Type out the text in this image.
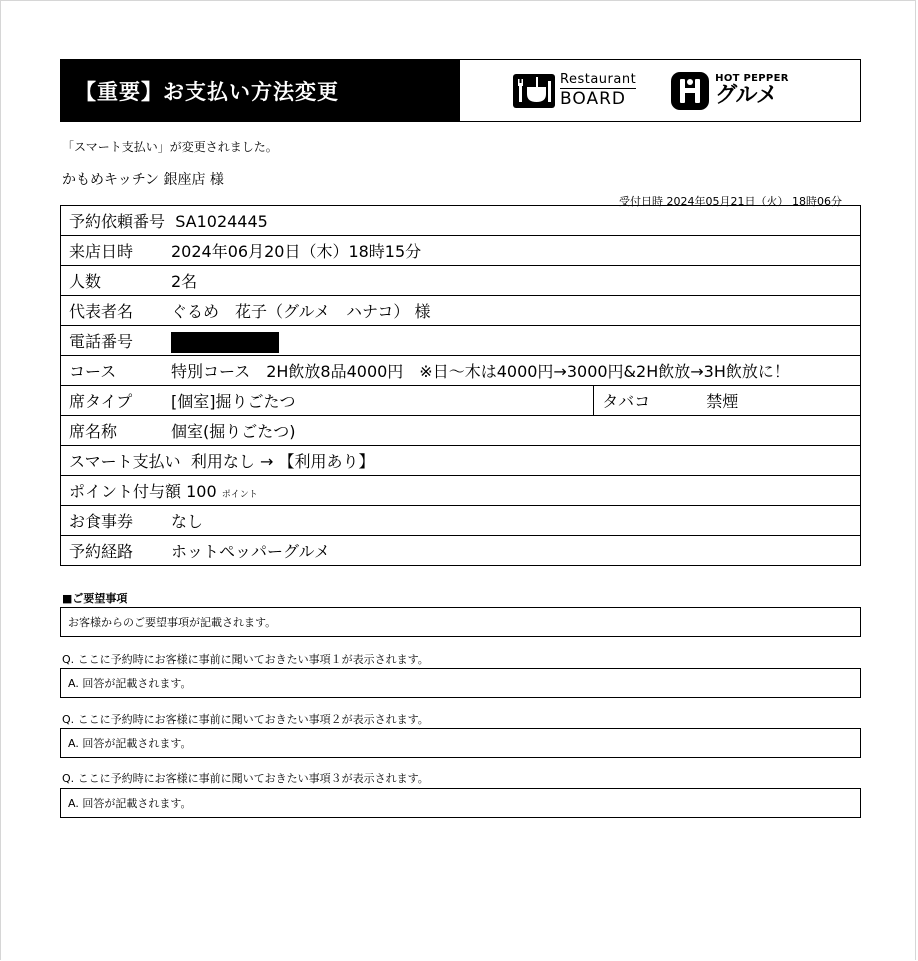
【重要】お支払い方法変更	Restaurant
BOARD
HOT PEPPER
グルメ
「スマート支払い」が変更されました。
かもめキッチン 銀座店 様
受付日時 2024年05月21日（火） 18時06分
予約依頼番号 SA1024445
来店日時 2024年06月20日（木）18時15分
人数	2名
代表者名 ぐるめ　花子（グルメ　ハナコ） 様
電話番号
コース	特別コース　2H飲放8品4000円　※日～木は4000円→3000円&2H飲放→3H飲放に！
席タイプ [個室]掘りごたつ	タバコ	禁煙
席名称	個室(掘りごたつ)
スマート支払い 利用なし → 【利用あり】
ポイント付与額 100 ポイント
お食事券 なし
予約経路 ホットペッパーグルメ
■ご要望事項
お客様からのご要望事項が記載されます。
Q. ここに予約時にお客様に事前に聞いておきたい事項１が表示されます。
A. 回答が記載されます。
Q. ここに予約時にお客様に事前に聞いておきたい事項２が表示されます。
A. 回答が記載されます。
Q. ここに予約時にお客様に事前に聞いておきたい事項３が表示されます。
A. 回答が記載されます。
